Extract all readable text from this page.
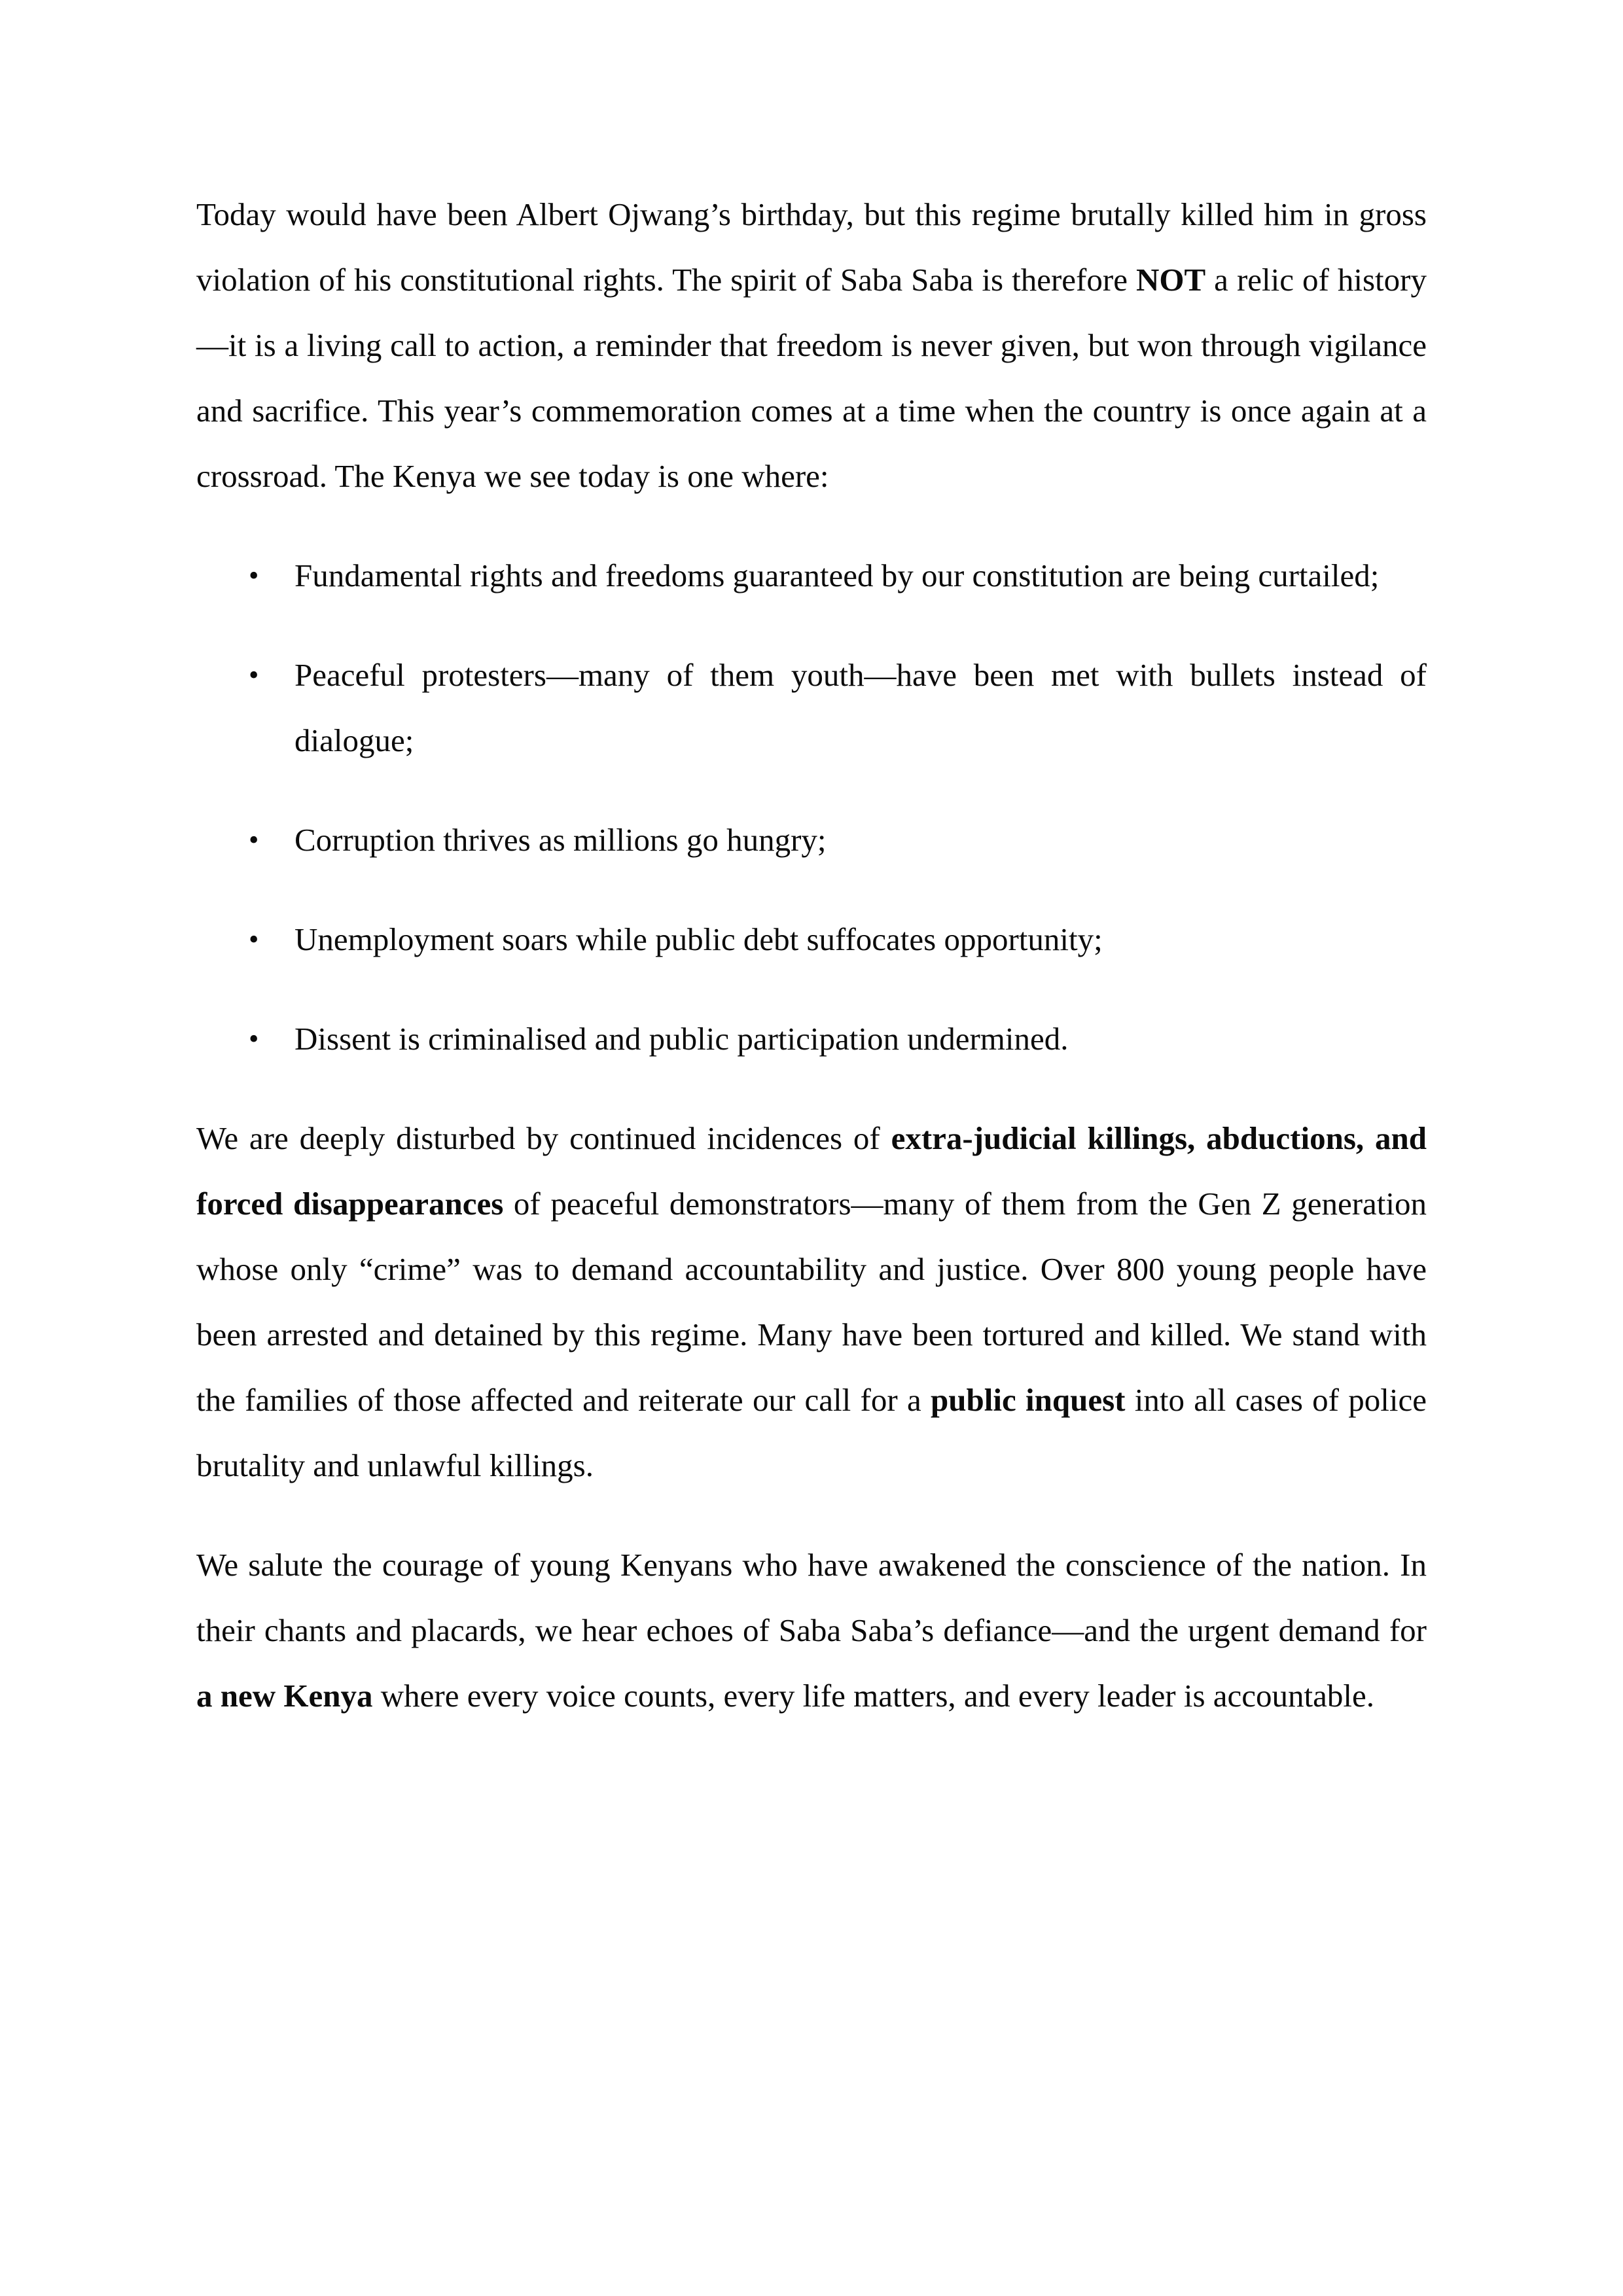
Today would have been Albert Ojwang’s birthday, but this regime brutally killed him in gross violation of his constitutional rights. The spirit of Saba Saba is therefore NOT a relic of history—it is a living call to action, a reminder that freedom is never given, but won through vigilance and sacrifice. This year’s commemoration comes at a time when the country is once again at a crossroad. The Kenya we see today is one where:

• Fundamental rights and freedoms guaranteed by our constitution are being curtailed;
• Peaceful protesters—many of them youth—have been met with bullets instead of dialogue;
• Corruption thrives as millions go hungry;
• Unemployment soars while public debt suffocates opportunity;
• Dissent is criminalised and public participation undermined.

We are deeply disturbed by continued incidences of extra-judicial killings, abductions, and forced disappearances of peaceful demonstrators—many of them from the Gen Z generation whose only “crime” was to demand accountability and justice. Over 800 young people have been arrested and detained by this regime. Many have been tortured and killed. We stand with the families of those affected and reiterate our call for a public inquest into all cases of police brutality and unlawful killings.

We salute the courage of young Kenyans who have awakened the conscience of the nation. In their chants and placards, we hear echoes of Saba Saba’s defiance—and the urgent demand for a new Kenya where every voice counts, every life matters, and every leader is accountable.
